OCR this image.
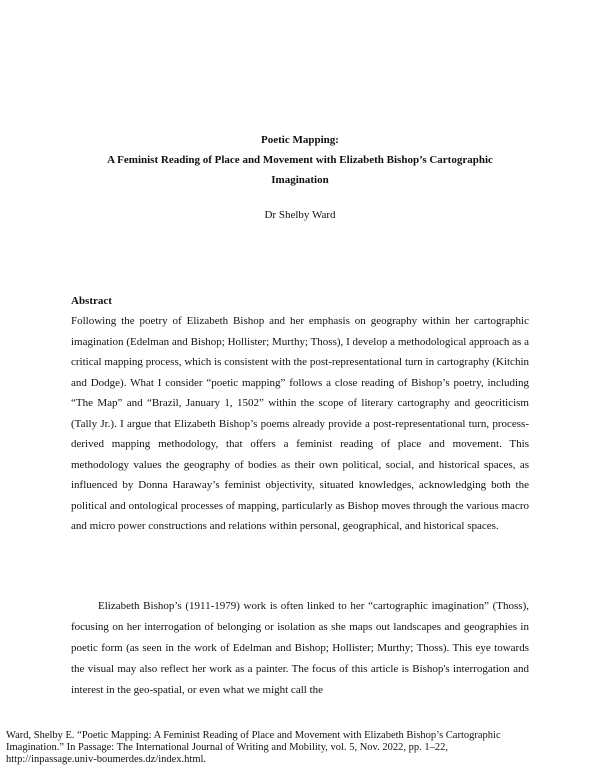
Poetic Mapping:

A Feminist Reading of Place and Movement with Elizabeth Bishop’s Cartographic

Imagination

Dr Shelby Ward

Abstract

Following the poetry of Elizabeth Bishop and her emphasis on geography within her cartographic imagination (Edelman and Bishop; Hollister; Murthy; Thoss), I develop a methodological approach as a critical mapping process, which is consistent with the post-representational turn in cartography (Kitchin and Dodge). What I consider “poetic mapping” follows a close reading of Bishop’s poetry, including “The Map” and “Brazil, January 1, 1502” within the scope of literary cartography and geocriticism (Tally Jr.). I argue that Elizabeth Bishop’s poems already provide a post-representational turn, process-derived mapping methodology, that offers a feminist reading of place and movement. This methodology values the geography of bodies as their own political, social, and historical spaces, as influenced by Donna Haraway’s feminist objectivity, situated knowledges, acknowledging both the political and ontological processes of mapping, particularly as Bishop moves through the various macro and micro power constructions and relations within personal, geographical, and historical spaces.

Elizabeth Bishop’s (1911-1979) work is often linked to her “cartographic imagination” (Thoss), focusing on her interrogation of belonging or isolation as she maps out landscapes and geographies in poetic form (as seen in the work of Edelman and Bishop; Hollister; Murthy; Thoss). This eye towards the visual may also reflect her work as a painter. The focus of this article is Bishop's interrogation and interest in the geo-spatial, or even what we might call the

Ward, Shelby E. “Poetic Mapping: A Feminist Reading of Place and Movement with Elizabeth Bishop’s Cartographic
Imagination.” In Passage: The International Journal of Writing and Mobility, vol. 5, Nov. 2022, pp. 1–22,
http://inpassage.univ-boumerdes.dz/index.html.
